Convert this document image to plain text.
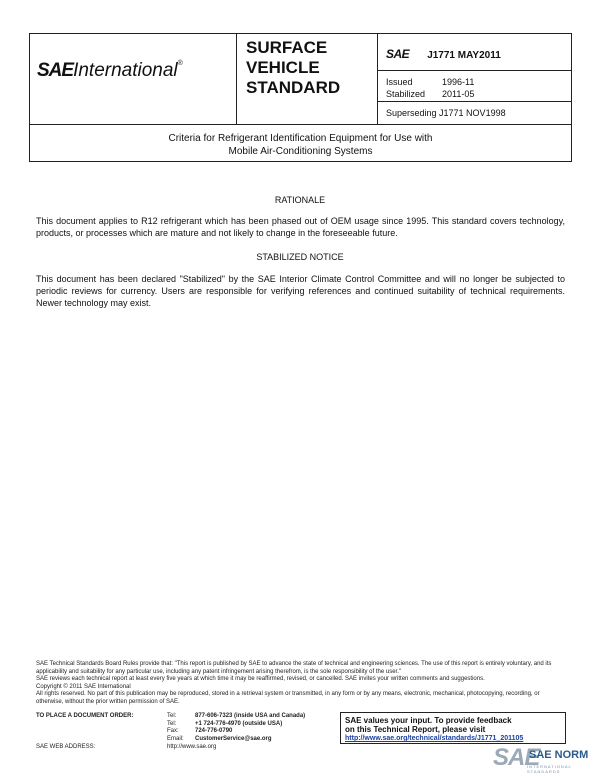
SAEInternational®
SURFACE
VEHICLE
STANDARD
SAE J1771 MAY2011
Issued	1996-11
Stabilized	2011-05
Superseding J1771 NOV1998
Criteria for Refrigerant Identification Equipment for Use with
Mobile Air-Conditioning Systems
RATIONALE
This document applies to R12 refrigerant which has been phased out of OEM usage since 1995. This standard covers technology, products, or processes which are mature and not likely to change in the foreseeable future.
STABILIZED NOTICE
This document has been declared "Stabilized" by the SAE Interior Climate Control Committee and will no longer be subjected to periodic reviews for currency. Users are responsible for verifying references and continued suitability of technical requirements. Newer technology may exist.
SAE Technical Standards Board Rules provide that: "This report is published by SAE to advance the state of technical and engineering sciences. The use of this report is entirely voluntary, and its applicability and suitability for any particular use, including any patent infringement arising therefrom, is the sole responsibility of the user."
SAE reviews each technical report at least every five years at which time it may be reaffirmed, revised, or cancelled. SAE invites your written comments and suggestions.
Copyright © 2011 SAE International
All rights reserved. No part of this publication may be reproduced, stored in a retrieval system or transmitted, in any form or by any means, electronic, mechanical, photocopying, recording, or otherwise, without the prior written permission of SAE.
TO PLACE A DOCUMENT ORDER:	Tel:	877-606-7323 (inside USA and Canada)
Tel:	+1 724-776-4970 (outside USA)
Fax:	724-776-0790
Email:	CustomerService@sae.org
SAE WEB ADDRESS:	http://www.sae.org
SAE values your input. To provide feedback
on this Technical Report, please visit
http://www.sae.org/technical/standards/J1771_201105
SAE
SAE NORM
INTERNATIONAL STANDARDS
